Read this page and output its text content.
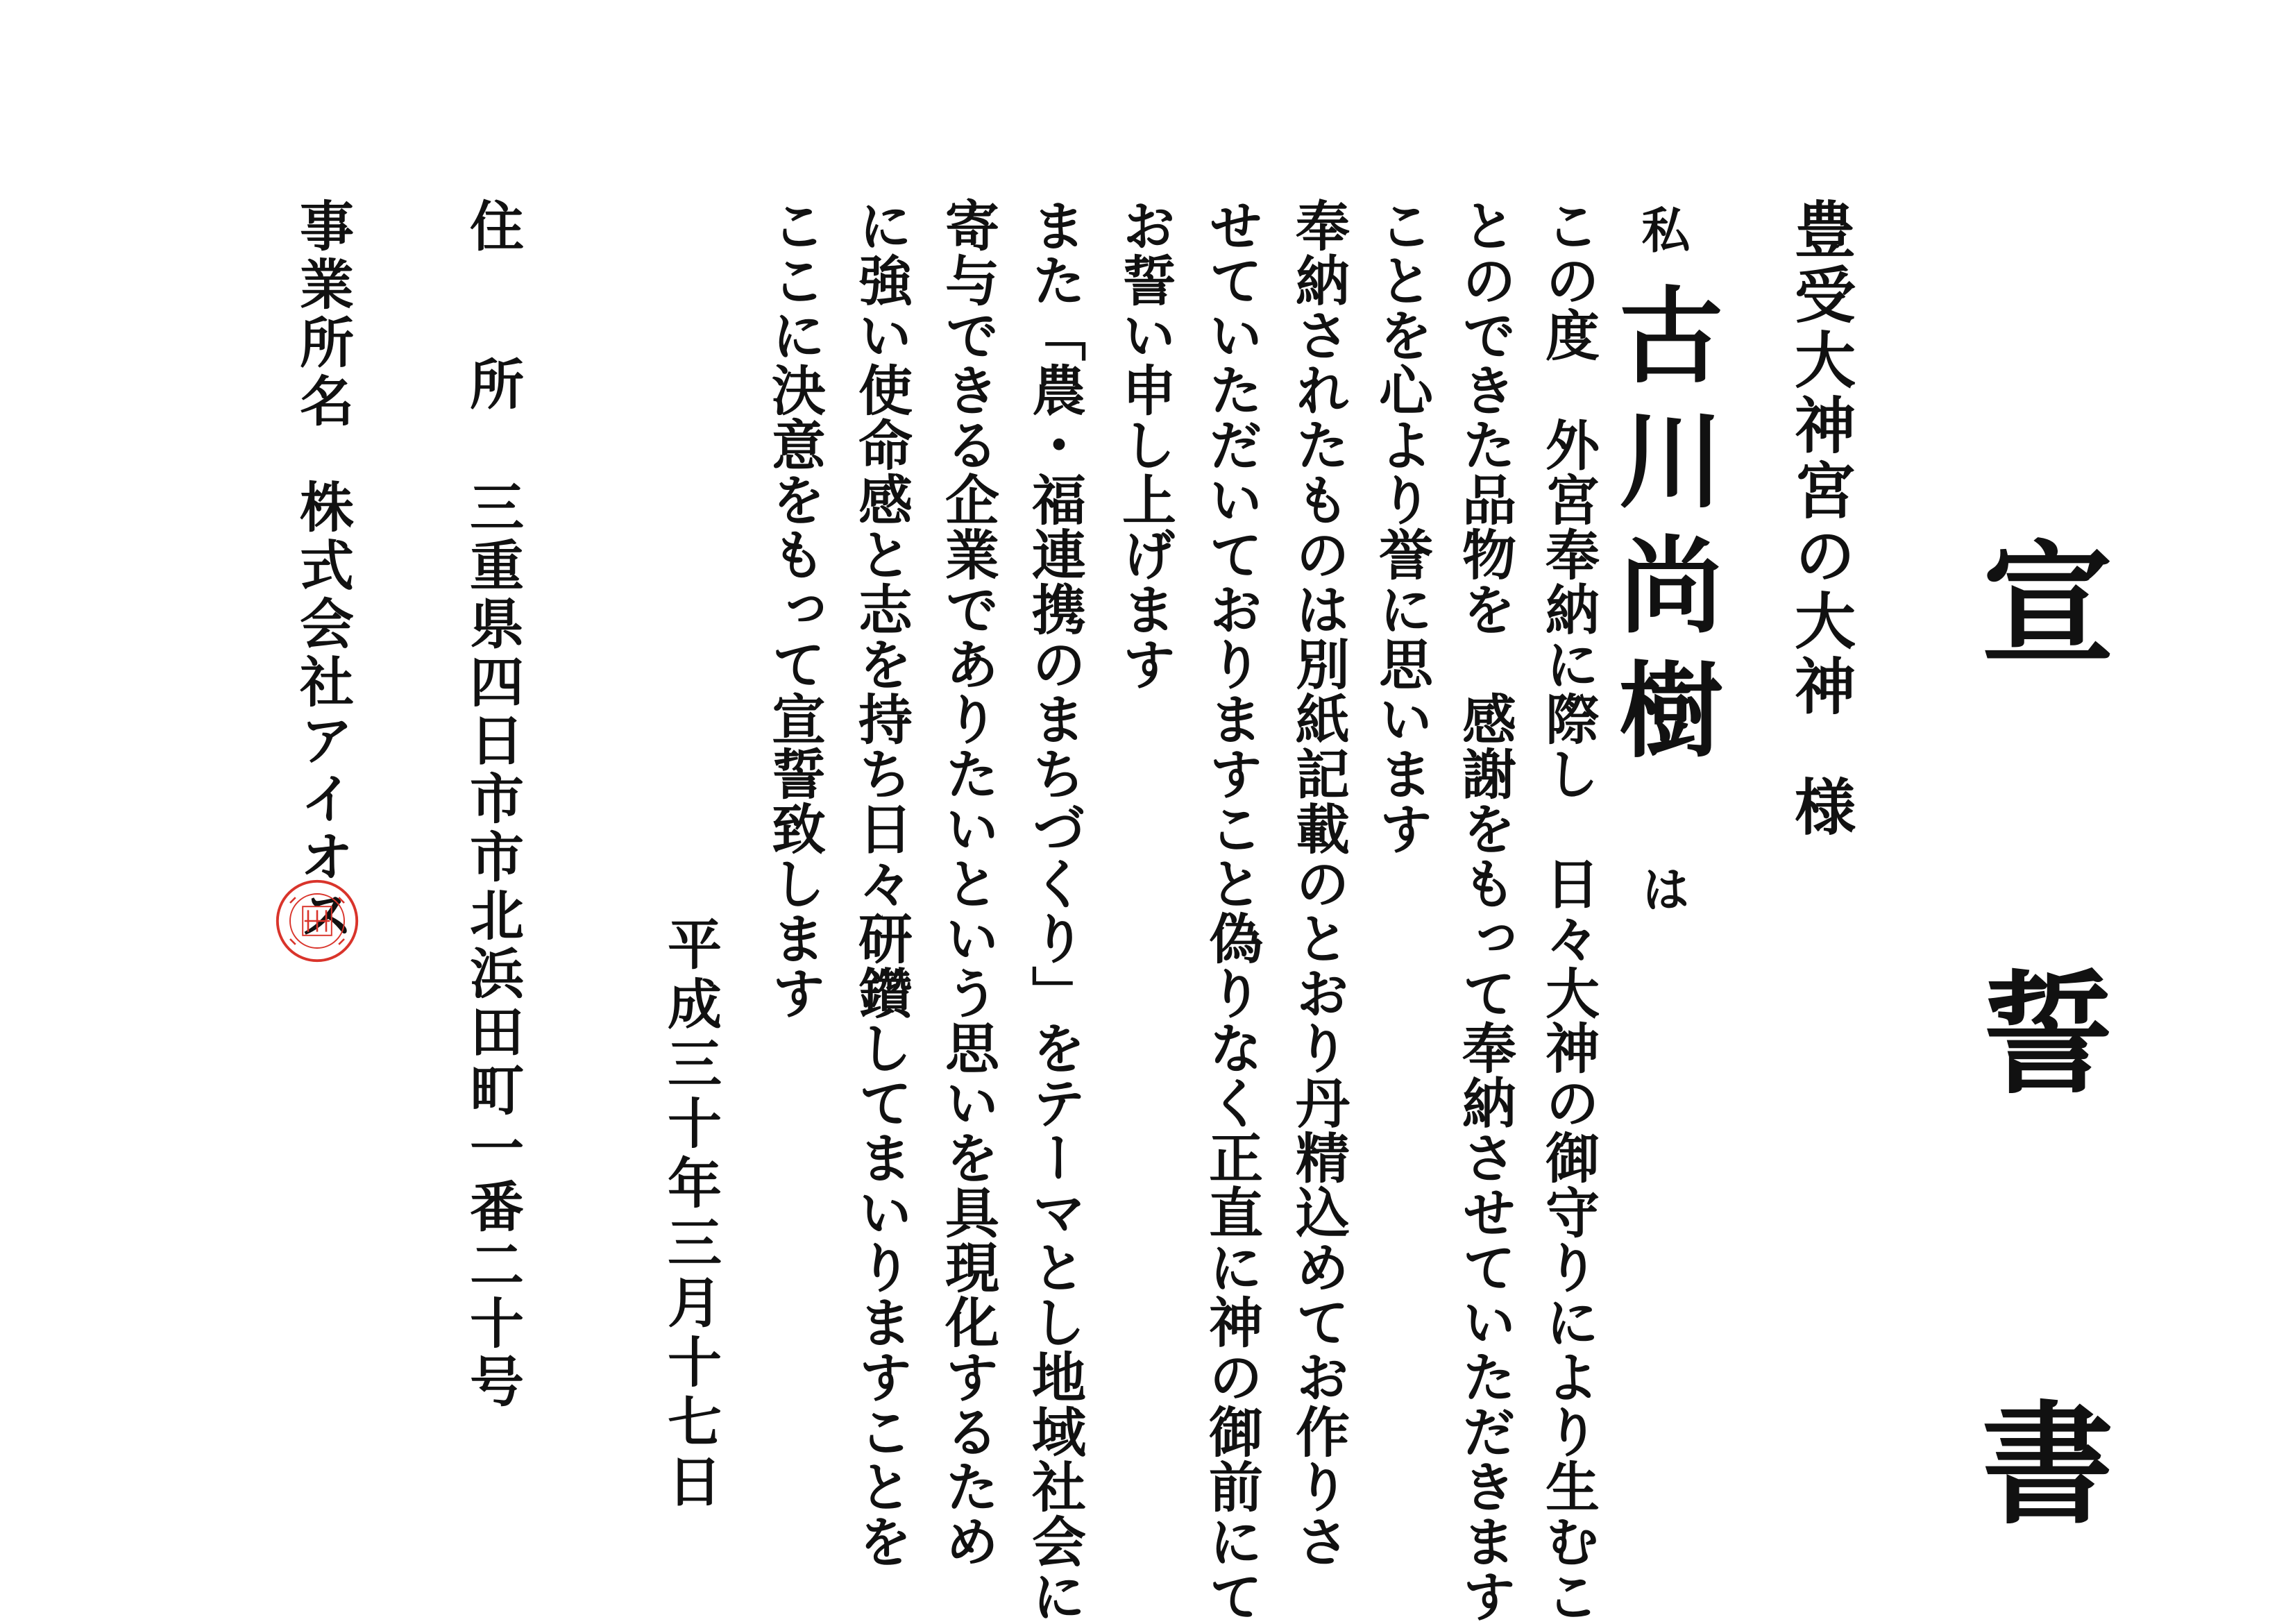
宣　誓　書
豊受大神宮の大神様
私古川尚樹は
この度　外宮奉納に際し　日々大神の御守りにより生むこ
とのできた品物を　感謝をもって奉納させていただきます
ことを心より誉に思います
奉納されたものは別紙記載のとおり丹精込めてお作りさ
せていただいておりますこと偽りなく正直に神の御前にて
お誓い申し上げます
また「農・福連携のまちづくり」をテーマとし地域社会に
寄与できる企業でありたいという思いを具現化するため
に強い使命感と志を持ち日々研鑽してまいりますことを
ここに決意をもって宣誓致します
平成三十年三月十七日
住所
三重県四日市市北浜田町一番二十号
事業所名
株式会社アイオス
